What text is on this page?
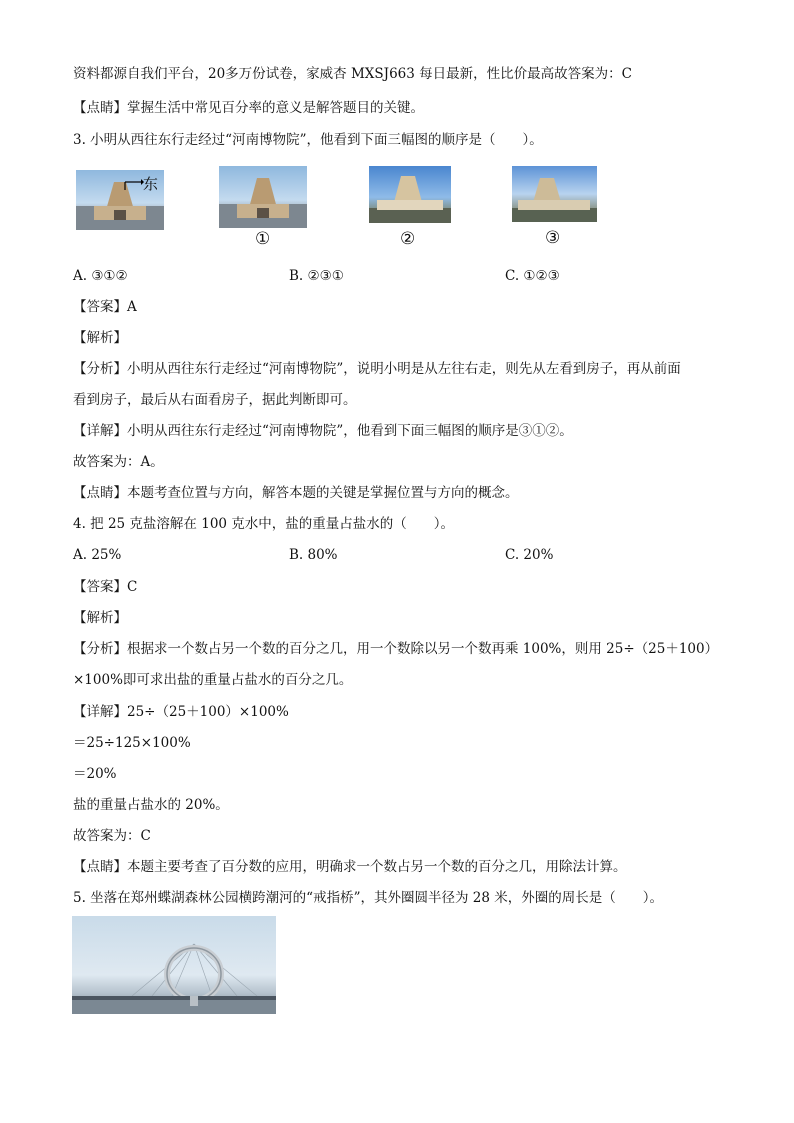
资料都源自我们平台，20多万份试卷，家威杏 MXSJ663 每日最新，性比价最高故答案为：C
【点睛】掌握生活中常见百分率的意义是解答题目的关键。
3. 小明从西往东行走经过“河南博物院”，他看到下面三幅图的顺序是（　　）。
东
①	②	③
A. ③①②	B. ②③①	C. ①②③
【答案】A
【解析】
【分析】小明从西往东行走经过“河南博物院”，说明小明是从左往右走，则先从左看到房子，再从前面
看到房子，最后从右面看房子，据此判断即可。
【详解】小明从西往东行走经过“河南博物院”，他看到下面三幅图的顺序是③①②。
故答案为：A。
【点睛】本题考查位置与方向，解答本题的关键是掌握位置与方向的概念。
4. 把 25 克盐溶解在 100 克水中，盐的重量占盐水的（　　）。
A. 25%	B. 80%	C. 20%
【答案】C
【解析】
【分析】根据求一个数占另一个数的百分之几，用一个数除以另一个数再乘 100%，则用 25÷（25＋100）
×100%即可求出盐的重量占盐水的百分之几。
【详解】25÷（25＋100）×100%
＝25÷125×100%
＝20%
盐的重量占盐水的 20%。
故答案为：C
【点睛】本题主要考查了百分数的应用，明确求一个数占另一个数的百分之几，用除法计算。
5. 坐落在郑州蝶湖森林公园横跨潮河的“戒指桥”，其外圈圆半径为 28 米，外圈的周长是（　　）。
